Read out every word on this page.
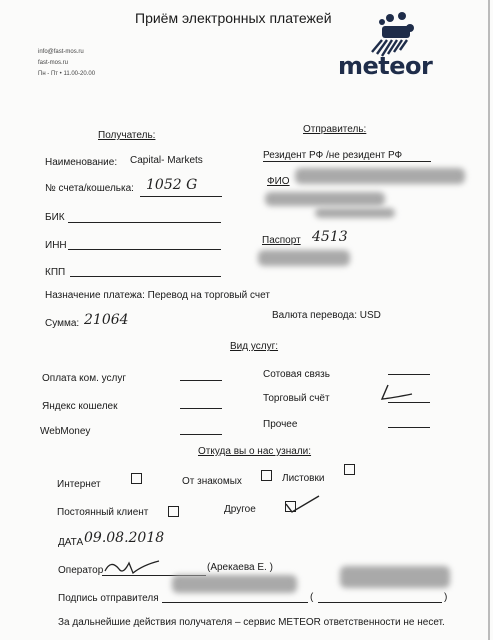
Приём электронных платежей
info@fast-mos.ru
fast-mos.ru
Пн - Пт • 11.00-20.00	meteor
Получатель:
Наименование: Capital- Markets
№ счета/кошелька: 1052 G
БИК
ИНН
КПП
Отправитель:
Резидент РФ /не резидент РФ
ФИО
Паспорт 4513
Назначение платежа: Перевод на торговый счет
Валюта перевода: USD
Сумма: 21064
Вид услуг:
Оплата ком. услуг
Яндекс кошелек
WebMoney
Сотовая связь
Торговый счёт
Прочее
Откуда вы о нас узнали:
Интернет	От знакомых	Листовки
Постоянный клиент	Другое
ДАТА 09.08.2018
Оператор	(Арекаева Е. )
Подпись отправителя	(	)
За дальнейшие действия получателя – сервис METEOR ответственности не несет.
